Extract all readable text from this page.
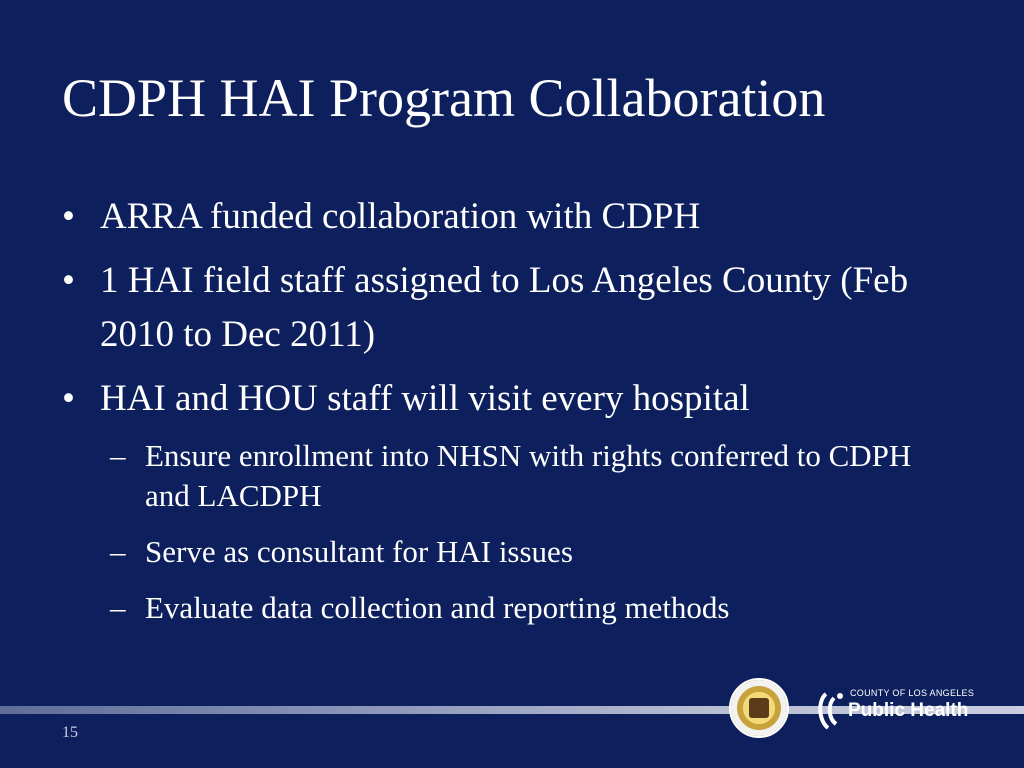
CDPH HAI Program Collaboration
• ARRA funded collaboration with CDPH
• 1 HAI field staff assigned to Los Angeles County (Feb 2010 to Dec 2011)
• HAI and HOU staff will visit every hospital
– Ensure enrollment into NHSN with rights conferred to CDPH and LACDPH
– Serve as consultant for HAI issues
– Evaluate data collection and reporting methods
15
COUNTY OF LOS ANGELES
Public Health
